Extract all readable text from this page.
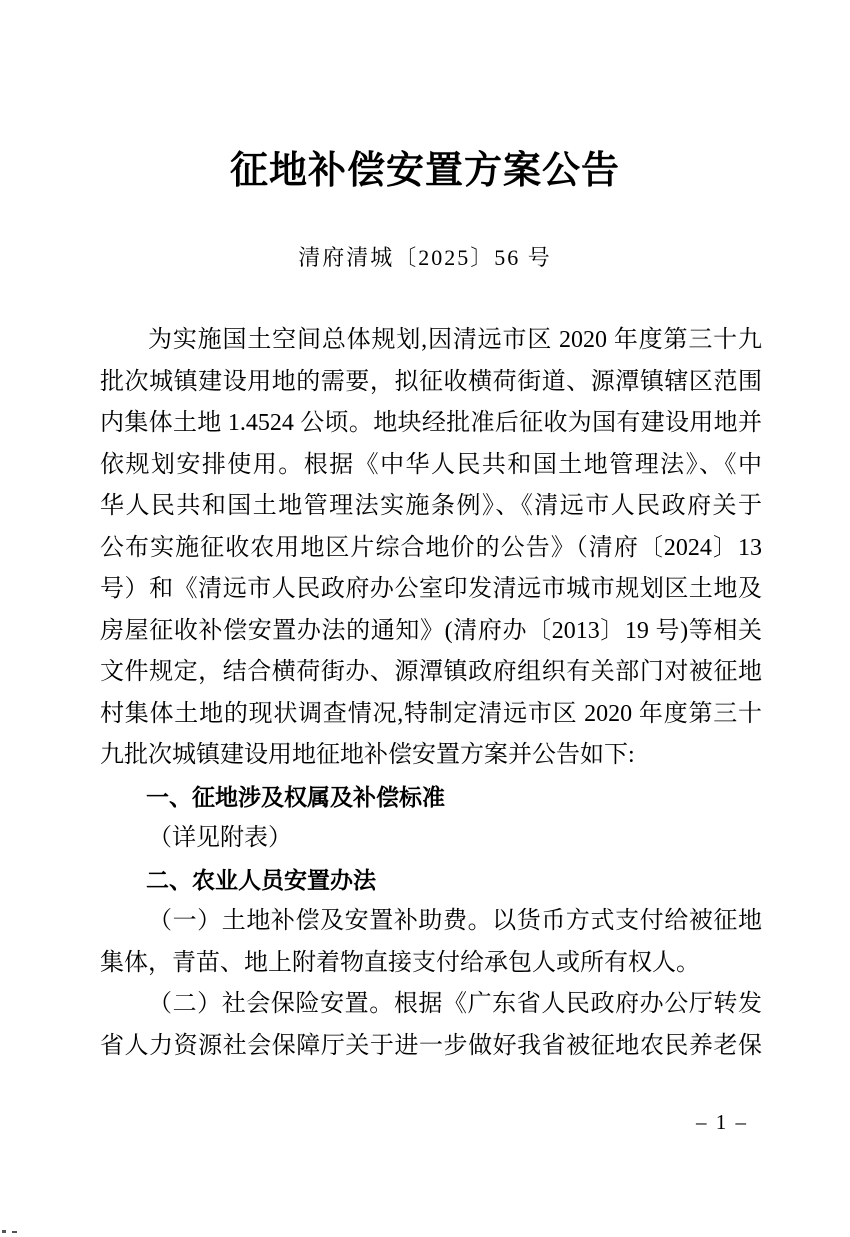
征地补偿安置方案公告
清府清城〔2025〕56 号
为实施国土空间总体规划,因清远市区 2020 年度第三十九
批次城镇建设用地的需要，拟征收横荷街道、源潭镇辖区范围
内集体土地 1.4524 公顷。地块经批准后征收为国有建设用地并
依规划安排使用。根据《中华人民共和国土地管理法》、《中
华人民共和国土地管理法实施条例》、《清远市人民政府关于
公布实施征收农用地区片综合地价的公告》（清府〔2024〕13
号）和《清远市人民政府办公室印发清远市城市规划区土地及
房屋征收补偿安置办法的通知》(清府办〔2013〕19 号)等相关
文件规定，结合横荷街办、源潭镇政府组织有关部门对被征地
村集体土地的现状调查情况,特制定清远市区 2020 年度第三十
九批次城镇建设用地征地补偿安置方案并公告如下:
一、征地涉及权属及补偿标准
（详见附表）
二、农业人员安置办法
（一）土地补偿及安置补助费。以货币方式支付给被征地
集体，青苗、地上附着物直接支付给承包人或所有权人。
（二）社会保险安置。根据《广东省人民政府办公厅转发
省人力资源社会保障厅关于进一步做好我省被征地农民养老保
– 1 –
